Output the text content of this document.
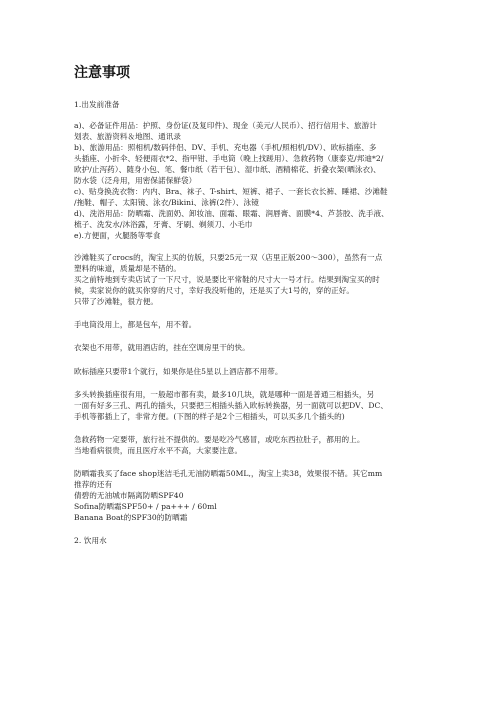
注意事项
1.出发前准备
a)、必备证件用品：护照、身份证(及复印件)、现金（美元/人民币）、招行信用卡、旅游计
划表、旅游资料＆地图、通讯录
b)、旅游用品：照相机/数码伴侣、DV、手机、充电器（手机/照相机/DV）、欧标插座、多
头插座、小折伞、轻便雨衣*2、指甲钳、手电筒（晚上找蹉用）、急救药物（康泰克/邦迪*2/
欧护/止泻药）、随身小包、笔、餐巾纸（若干包）、湿巾纸、酒精棉花、折叠衣架(晒泳衣)、
防水袋（泛舟用，用密保諾保鮮袋）
c)、贴身换洗衣物：内内、Bra、袜子、T-shirt、短裤、裙子、一套长衣长裤、睡裙、沙滩鞋
/拖鞋、帽子、太阳镜、泳衣/Bikini、泳裤(2件）、泳镜
d)、洗浴用品：防晒霜、洗面奶、卸妆油、面霜、眼霜、润唇膏、面膜*4、芦荟胶、洗手液、
梳子、洗发水/沐浴露，牙膏、牙刷、剃须刀、小毛巾
e).方便面，火腿肠等零食
沙滩鞋买了crocs的，淘宝上买的仿版，只要25元一双（店里正版200～300），虽然有一点
塑料的味道，质量却是不错的。
买之前特地到专卖店试了一下尺寸，说是要比平常鞋的尺寸大一号才行。结果到淘宝买的时
候，卖家说你的就买你穿的尺寸，幸好我没听他的，还是买了大1号的，穿的正好。
只带了沙滩鞋，很方便。
手电筒没用上，都是包车，用不着。
衣架也不用带，就用酒店的，挂在空调房里干的快。
欧标插座只要带1个就行，如果你是住5星以上酒店都不用带。
多头转换插座很有用，一般超市都有卖，最多10几块，就是哪种一面是普通三相插头，另
一面有好多三孔、两孔的插头，只要把三相插头插入欧标转换器，另一面就可以把DV、DC、
手机等都插上了，非常方便。(下图的样子是2个三相插头，可以买多几个插头的)
急救药物一定要带，旅行社不提供的。要是吃冷气感冒，或吃东西拉肚子，都用的上。
当地看病很贵，而且医疗水平不高，大家要注意。
防晒霜我买了face shop迷洁毛孔无油防晒霜50ML,，淘宝上卖38，效果很不错。其它mm
推荐的还有
倩碧的无油城市隔离防晒SPF40
Sofina防晒霜SPF50+ / pa+++ / 60ml
Banana Boat的SPF30的防晒霜
2. 饮用水
